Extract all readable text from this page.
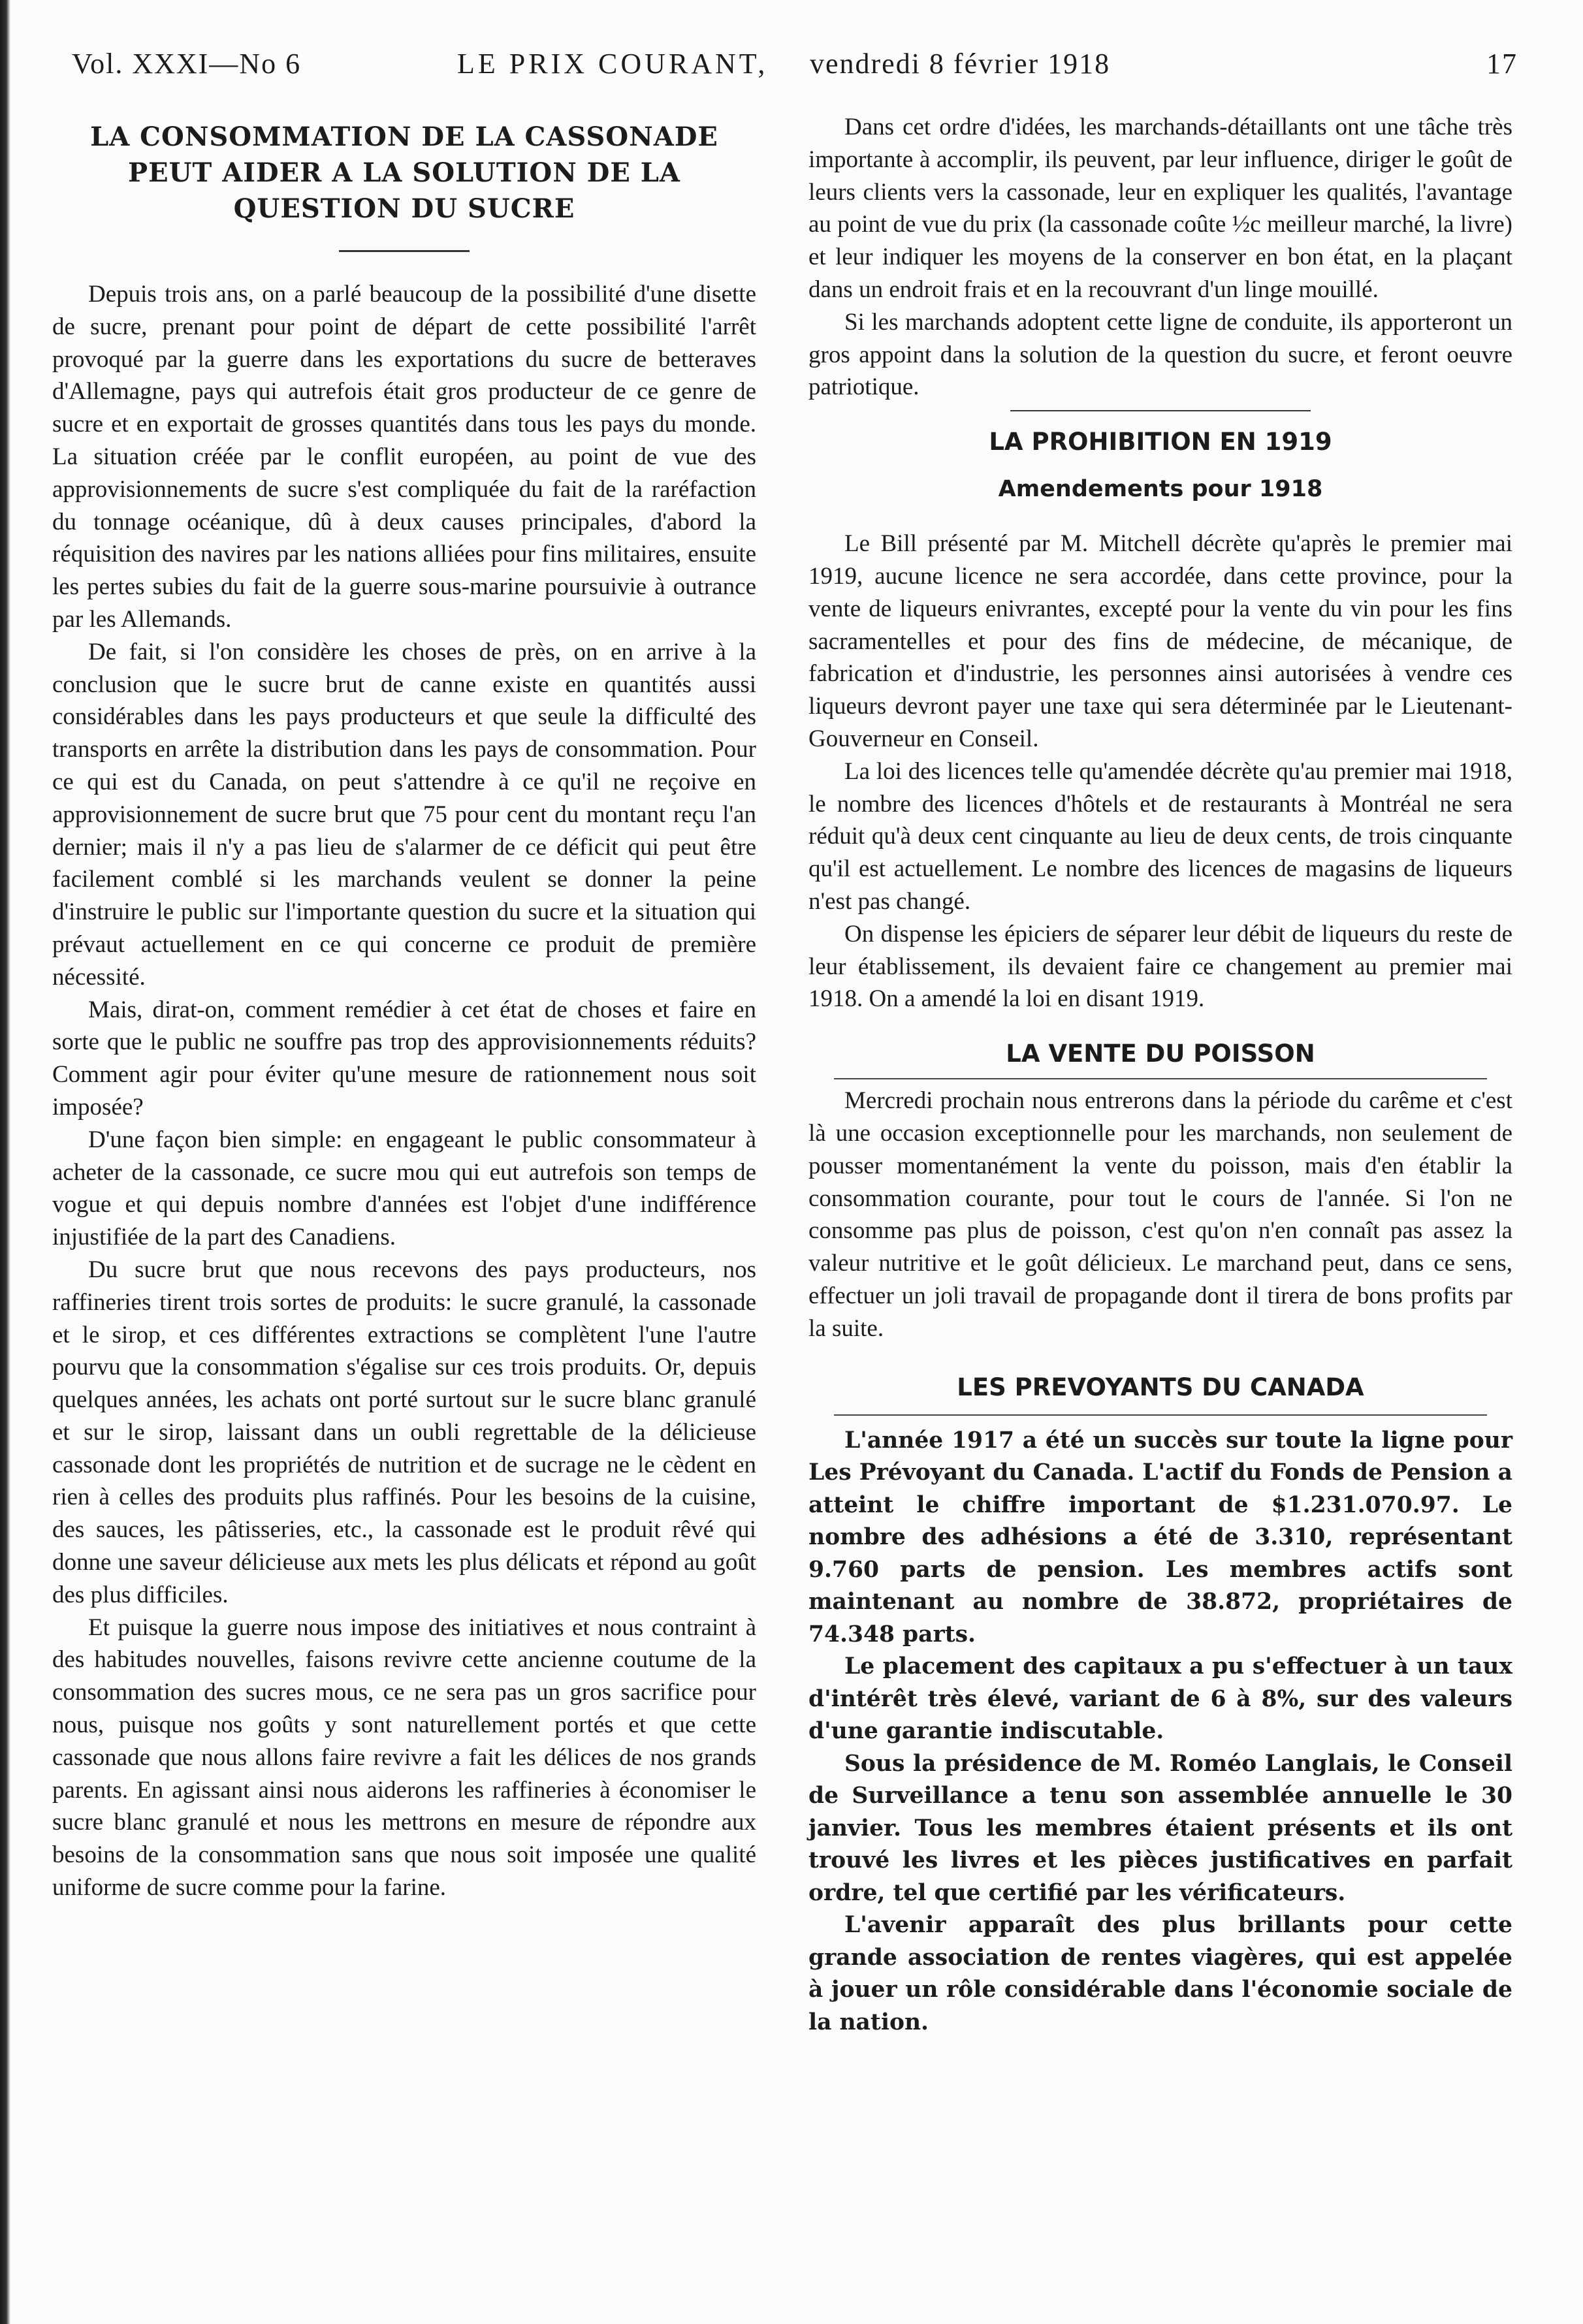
Vol. XXXI—No 6	LE PRIX COURANT, vendredi 8 février 1918	17
LA CONSOMMATION DE LA CASSONADE PEUT AIDER A LA SOLUTION DE LA QUESTION DU SUCRE

Depuis trois ans, on a parlé beaucoup de la possibilité d'une disette de sucre, prenant pour point de départ de cette possibilité l'arrêt provoqué par la guerre dans les exportations du sucre de betteraves d'Allemagne, pays qui autrefois était gros producteur de ce genre de sucre et en exportait de grosses quantités dans tous les pays du monde. La situation créée par le conflit européen, au point de vue des approvisionnements de sucre s'est compliquée du fait de la raréfaction du tonnage océanique, dû à deux causes principales, d'abord la réquisition des navires par les nations alliées pour fins militaires, ensuite les pertes subies du fait de la guerre sous-marine poursuivie à outrance par les Allemands.

De fait, si l'on considère les choses de près, on en arrive à la conclusion que le sucre brut de canne existe en quantités aussi considérables dans les pays producteurs et que seule la difficulté des transports en arrête la distribution dans les pays de consommation. Pour ce qui est du Canada, on peut s'attendre à ce qu'il ne reçoive en approvisionnement de sucre brut que 75 pour cent du montant reçu l'an dernier; mais il n'y a pas lieu de s'alarmer de ce déficit qui peut être facilement comblé si les marchands veulent se donner la peine d'instruire le public sur l'importante question du sucre et la situation qui prévaut actuellement en ce qui concerne ce produit de première nécessité.

Mais, dirat-on, comment remédier à cet état de choses et faire en sorte que le public ne souffre pas trop des approvisionnements réduits? Comment agir pour éviter qu'une mesure de rationnement nous soit imposée?

D'une façon bien simple: en engageant le public consommateur à acheter de la cassonade, ce sucre mou qui eut autrefois son temps de vogue et qui depuis nombre d'années est l'objet d'une indifférence injustifiée de la part des Canadiens.

Du sucre brut que nous recevons des pays producteurs, nos raffineries tirent trois sortes de produits: le sucre granulé, la cassonade et le sirop, et ces différentes extractions se complètent l'une l'autre pourvu que la consommation s'égalise sur ces trois produits. Or, depuis quelques années, les achats ont porté surtout sur le sucre blanc granulé et sur le sirop, laissant dans un oubli regrettable de la délicieuse cassonade dont les propriétés de nutrition et de sucrage ne le cèdent en rien à celles des produits plus raffinés. Pour les besoins de la cuisine, des sauces, les pâtisseries, etc., la cassonade est le produit rêvé qui donne une saveur délicieuse aux mets les plus délicats et répond au goût des plus difficiles.

Et puisque la guerre nous impose des initiatives et nous contraint à des habitudes nouvelles, faisons revivre cette ancienne coutume de la consommation des sucres mous, ce ne sera pas un gros sacrifice pour nous, puisque nos goûts y sont naturellement portés et que cette cassonade que nous allons faire revivre a fait les délices de nos grands parents. En agissant ainsi nous aiderons les raffineries à économiser le sucre blanc granulé et nous les mettrons en mesure de répondre aux besoins de la consommation sans que nous soit imposée une qualité uniforme de sucre comme pour la farine.

Dans cet ordre d'idées, les marchands-détaillants ont une tâche très importante à accomplir, ils peuvent, par leur influence, diriger le goût de leurs clients vers la cassonade, leur en expliquer les qualités, l'avantage au point de vue du prix (la cassonade coûte ½c meilleur marché, la livre) et leur indiquer les moyens de la conserver en bon état, en la plaçant dans un endroit frais et en la recouvrant d'un linge mouillé.

Si les marchands adoptent cette ligne de conduite, ils apporteront un gros appoint dans la solution de la question du sucre, et feront oeuvre patriotique.

LA PROHIBITION EN 1919
Amendements pour 1918

Le Bill présenté par M. Mitchell décrète qu'après le premier mai 1919, aucune licence ne sera accordée, dans cette province, pour la vente de liqueurs enivrantes, excepté pour la vente du vin pour les fins sacramentelles et pour des fins de médecine, de mécanique, de fabrication et d'industrie, les personnes ainsi autorisées à vendre ces liqueurs devront payer une taxe qui sera déterminée par le Lieutenant-Gouverneur en Conseil.

La loi des licences telle qu'amendée décrète qu'au premier mai 1918, le nombre des licences d'hôtels et de restaurants à Montréal ne sera réduit qu'à deux cent cinquante au lieu de deux cents, de trois cinquante qu'il est actuellement. Le nombre des licences de magasins de liqueurs n'est pas changé.

On dispense les épiciers de séparer leur débit de liqueurs du reste de leur établissement, ils devaient faire ce changement au premier mai 1918. On a amendé la loi en disant 1919.

LA VENTE DU POISSON

Mercredi prochain nous entrerons dans la période du carême et c'est là une occasion exceptionnelle pour les marchands, non seulement de pousser momentanément la vente du poisson, mais d'en établir la consommation courante, pour tout le cours de l'année. Si l'on ne consomme pas plus de poisson, c'est qu'on n'en connaît pas assez la valeur nutritive et le goût délicieux. Le marchand peut, dans ce sens, effectuer un joli travail de propagande dont il tirera de bons profits par la suite.

LES PREVOYANTS DU CANADA

L'année 1917 a été un succès sur toute la ligne pour Les Prévoyant du Canada. L'actif du Fonds de Pension a atteint le chiffre important de $1.231.070.97. Le nombre des adhésions a été de 3.310, représentant 9.760 parts de pension. Les membres actifs sont maintenant au nombre de 38.872, propriétaires de 74.348 parts.

Le placement des capitaux a pu s'effectuer à un taux d'intérêt très élevé, variant de 6 à 8%, sur des valeurs d'une garantie indiscutable.

Sous la présidence de M. Roméo Langlais, le Conseil de Surveillance a tenu son assemblée annuelle le 30 janvier. Tous les membres étaient présents et ils ont trouvé les livres et les pièces justificatives en parfait ordre, tel que certifié par les vérificateurs.

L'avenir apparaît des plus brillants pour cette grande association de rentes viagères, qui est appelée à jouer un rôle considérable dans l'économie sociale de la nation.
